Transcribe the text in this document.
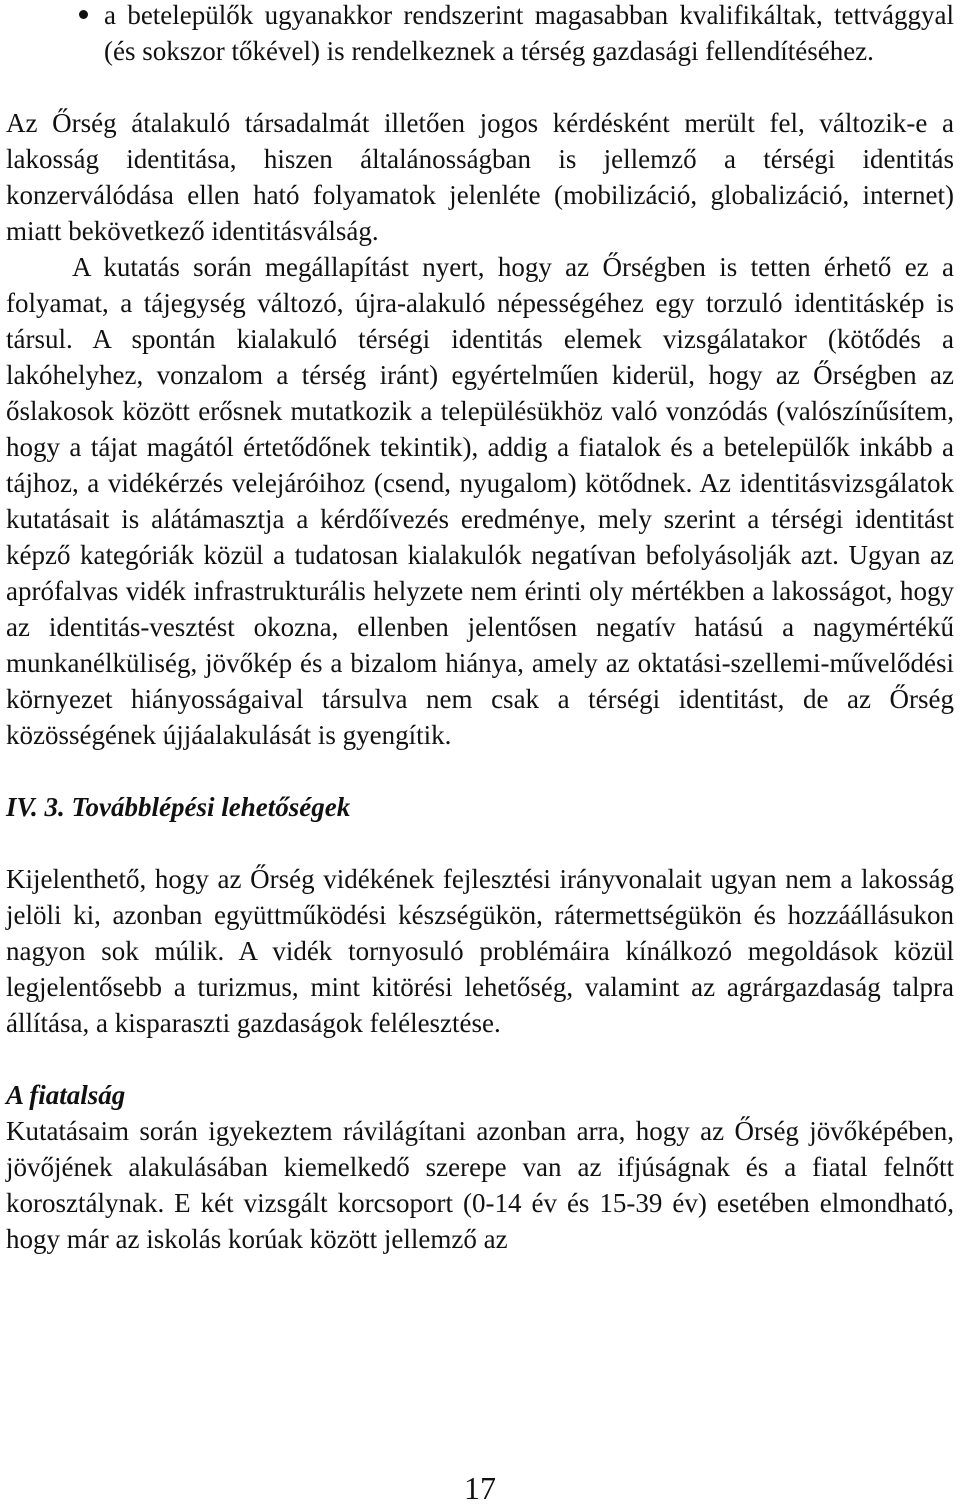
a betelepülők ugyanakkor rendszerint magasabban kvalifikáltak, tettvággyal (és sokszor tőkével) is rendelkeznek a térség gazdasági fellendítéséhez.

Az Őrség átalakuló társadalmát illetően jogos kérdésként merült fel, változik-e a lakosság identitása, hiszen általánosságban is jellemző a térségi identitás konzerválódása ellen ható folyamatok jelenléte (mobilizáció, globalizáció, internet) miatt bekövetkező identitásválság.

A kutatás során megállapítást nyert, hogy az Őrségben is tetten érhető ez a folyamat, a tájegység változó, újra-alakuló népességéhez egy torzuló identitáskép is társul. A spontán kialakuló térségi identitás elemek vizsgálatakor (kötődés a lakóhelyhez, vonzalom a térség iránt) egyértelműen kiderül, hogy az Őrségben az őslakosok között erősnek mutatkozik a településükhöz való vonzódás (valószínűsítem, hogy a tájat magától értetődőnek tekintik), addig a fiatalok és a betelepülők inkább a tájhoz, a vidékérzés velejáróihoz (csend, nyugalom) kötődnek. Az identitásvizsgálatok kutatásait is alátámasztja a kérdőívezés eredménye, mely szerint a térségi identitást képző kategóriák közül a tudatosan kialakulók negatívan befolyásolják azt. Ugyan az aprófalvas vidék infrastrukturális helyzete nem érinti oly mértékben a lakosságot, hogy az identitás-vesztést okozna, ellenben jelentősen negatív hatású a nagymértékű munkanélküliség, jövőkép és a bizalom hiánya, amely az oktatási-szellemi-művelődési környezet hiányosságaival társulva nem csak a térségi identitást, de az Őrség közösségének újjáalakulását is gyengítik.

IV. 3. Továbblépési lehetőségek

Kijelenthető, hogy az Őrség vidékének fejlesztési irányvonalait ugyan nem a lakosság jelöli ki, azonban együttműködési készségükön, rátermettségükön és hozzáállásukon nagyon sok múlik. A vidék tornyosuló problémáira kínálkozó megoldások közül legjelentősebb a turizmus, mint kitörési lehetőség, valamint az agrárgazdaság talpra állítása, a kisparaszti gazdaságok felélesztése.

A fiatalság

Kutatásaim során igyekeztem rávilágítani azonban arra, hogy az Őrség jövőképében, jövőjének alakulásában kiemelkedő szerepe van az ifjúságnak és a fiatal felnőtt korosztálynak. E két vizsgált korcsoport (0-14 év és 15-39 év) esetében elmondható, hogy már az iskolás korúak között jellemző az

17
